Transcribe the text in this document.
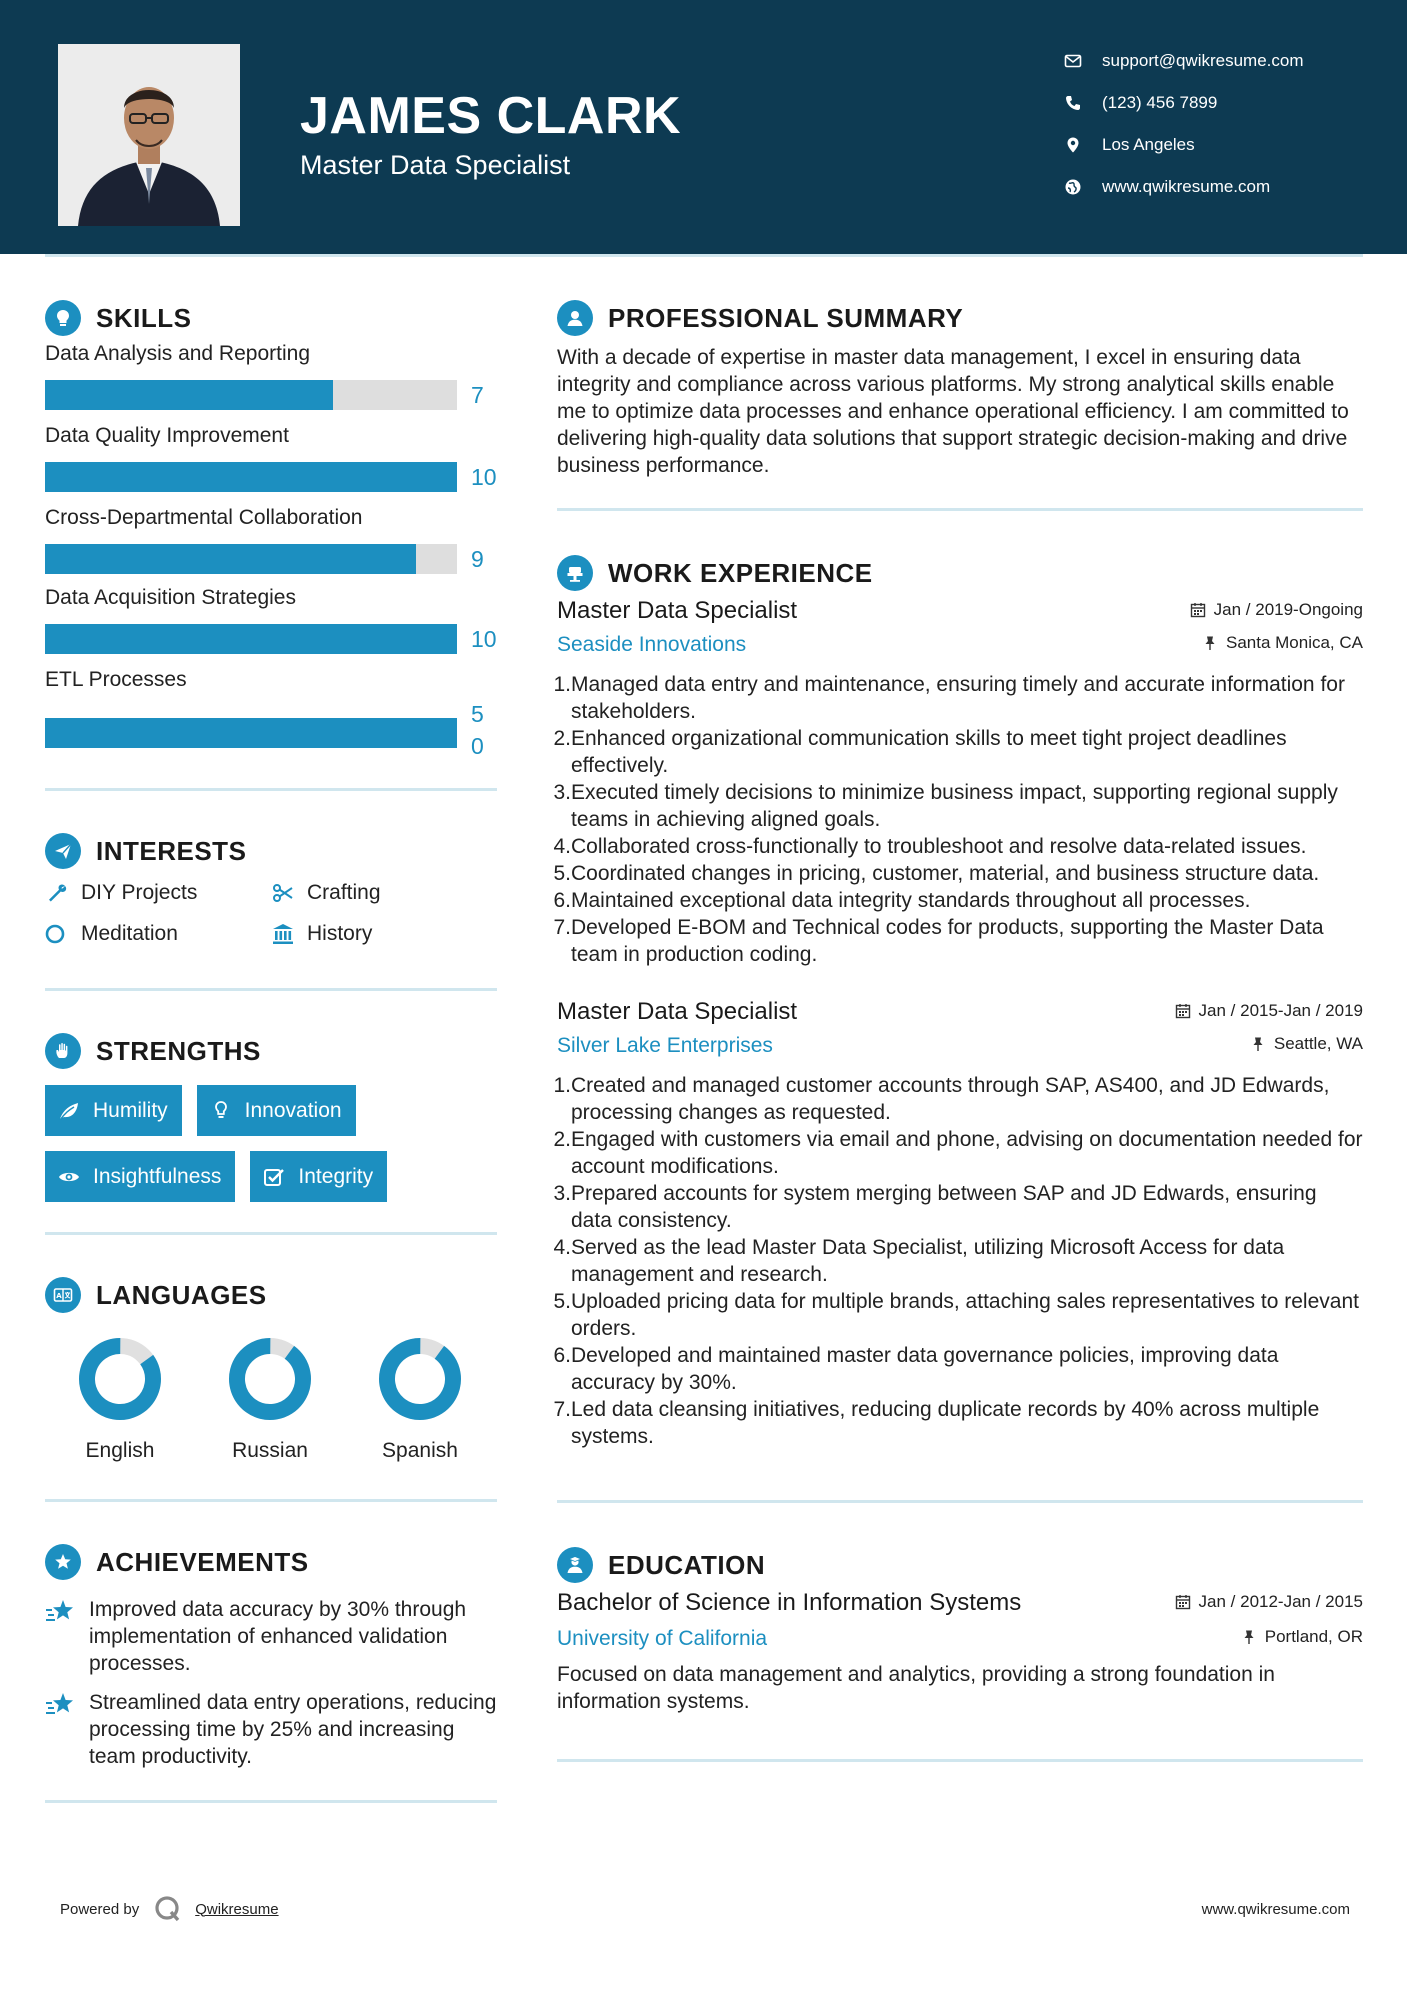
JAMES CLARK
Master Data Specialist
support@qwikresume.com
(123) 456 7899
Los Angeles
www.qwikresume.com
SKILLS
Data Analysis and Reporting
7
Data Quality Improvement
10
Cross-Departmental Collaboration
9
Data Acquisition Strategies
10
ETL Processes
5
0
INTERESTS
DIY Projects	Crafting
Meditation	History
STRENGTHS
Humility	Innovation
Insightfulness	Integrity
A LANGUAGES
English	Russian	Spanish
ACHIEVEMENTS
Improved data accuracy by 30% through implementation of enhanced validation processes.
Streamlined data entry operations, reducing processing time by 25% and increasing team productivity.
PROFESSIONAL SUMMARY
With a decade of expertise in master data management, I excel in ensuring data integrity and compliance across various platforms. My strong analytical skills enable me to optimize data processes and enhance operational efficiency. I am committed to delivering high-quality data solutions that support strategic decision-making and drive business performance.
WORK EXPERIENCE
Master Data Specialist	Jan / 2019-Ongoing
Seaside Innovations	Santa Monica, CA
1. Managed data entry and maintenance, ensuring timely and accurate information for stakeholders.
2. Enhanced organizational communication skills to meet tight project deadlines effectively.
3. Executed timely decisions to minimize business impact, supporting regional supply teams in achieving aligned goals.
4. Collaborated cross-functionally to troubleshoot and resolve data-related issues.
5. Coordinated changes in pricing, customer, material, and business structure data.
6. Maintained exceptional data integrity standards throughout all processes.
7. Developed E-BOM and Technical codes for products, supporting the Master Data team in production coding.
Master Data Specialist	Jan / 2015-Jan / 2019
Silver Lake Enterprises	Seattle, WA
1. Created and managed customer accounts through SAP, AS400, and JD Edwards, processing changes as requested.
2. Engaged with customers via email and phone, advising on documentation needed for account modifications.
3. Prepared accounts for system merging between SAP and JD Edwards, ensuring data consistency.
4. Served as the lead Master Data Specialist, utilizing Microsoft Access for data management and research.
5. Uploaded pricing data for multiple brands, attaching sales representatives to relevant orders.
6. Developed and maintained master data governance policies, improving data accuracy by 30%.
7. Led data cleansing initiatives, reducing duplicate records by 40% across multiple systems.
EDUCATION
Bachelor of Science in Information Systems	Jan / 2012-Jan / 2015
University of California	Portland, OR
Focused on data management and analytics, providing a strong foundation in information systems.
Powered by	Qwikresume	www.qwikresume.com
